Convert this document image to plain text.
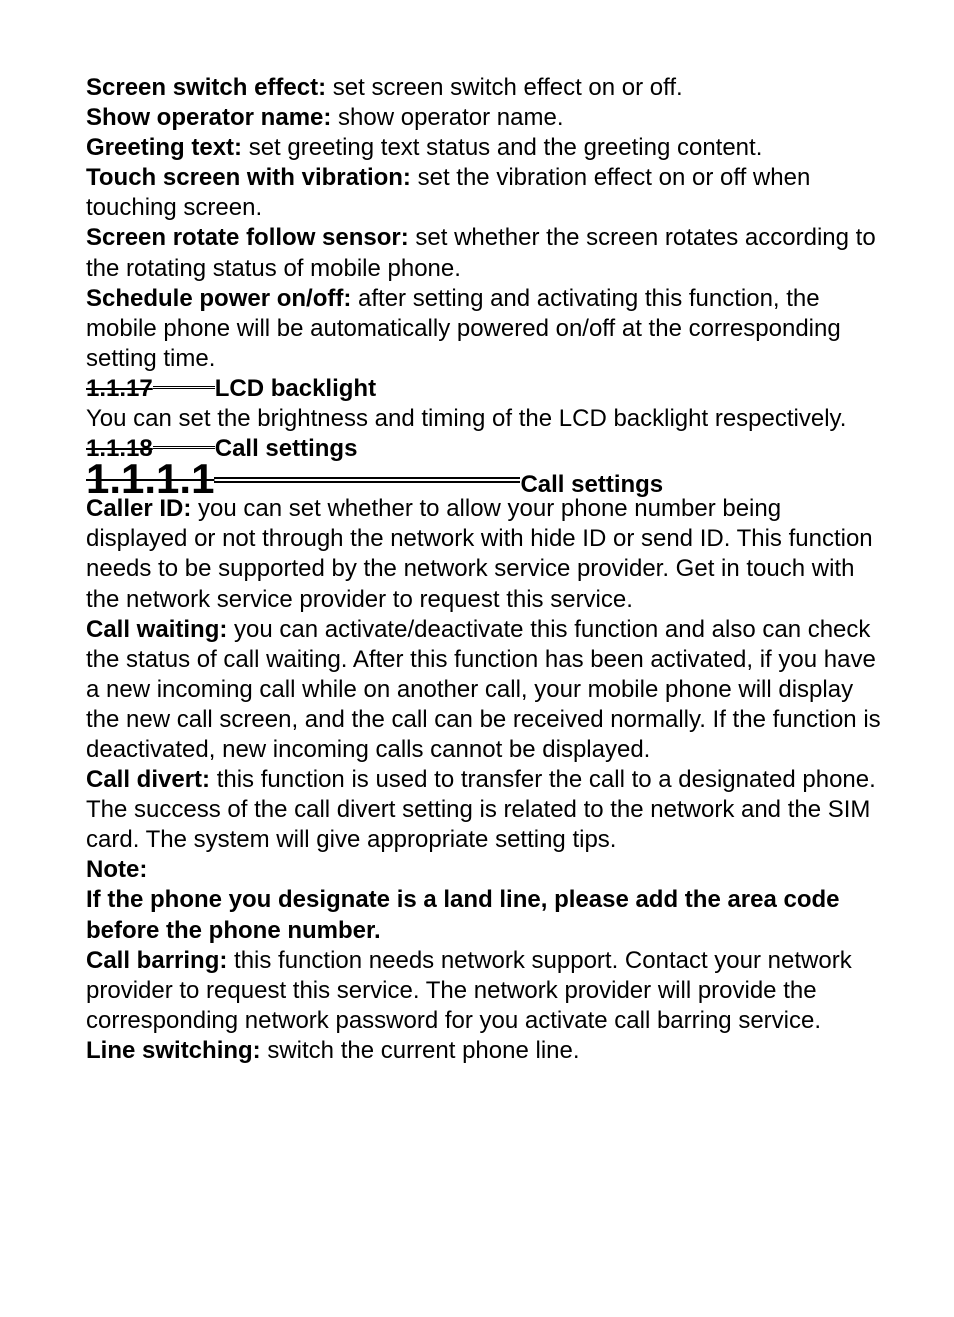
Screen switch effect: set screen switch effect on or off.

Show operator name: show operator name.

Greeting text: set greeting text status and the greeting content.

Touch screen with vibration: set the vibration effect on or off when touching screen.

Screen rotate follow sensor: set whether the screen rotates according to the rotating status of mobile phone.

Schedule power on/off: after setting and activating this function, the mobile phone will be automatically powered on/off at the corresponding setting time.

1.1.17	LCD backlight

You can set the brightness and timing of the LCD backlight respectively.

1.1.18	Call settings
1.1.1.1	Call settings

Caller ID: you can set whether to allow your phone number being displayed or not through the network with hide ID or send ID. This function needs to be supported by the network service provider. Get in touch with the network service provider to request this service.

Call waiting: you can activate/deactivate this function and also can check the status of call waiting. After this function has been activated, if you have a new incoming call while on another call, your mobile phone will display the new call screen, and the call can be received normally. If the function is deactivated, new incoming calls cannot be displayed.

Call divert: this function is used to transfer the call to a designated phone. The success of the call divert setting is related to the network and the SIM card. The system will give appropriate setting tips.

Note:

If the phone you designate is a land line, please add the area code before the phone number.

Call barring: this function needs network support. Contact your network provider to request this service. The network provider will provide the corresponding network password for you activate call barring service.

Line switching: switch the current phone line.
